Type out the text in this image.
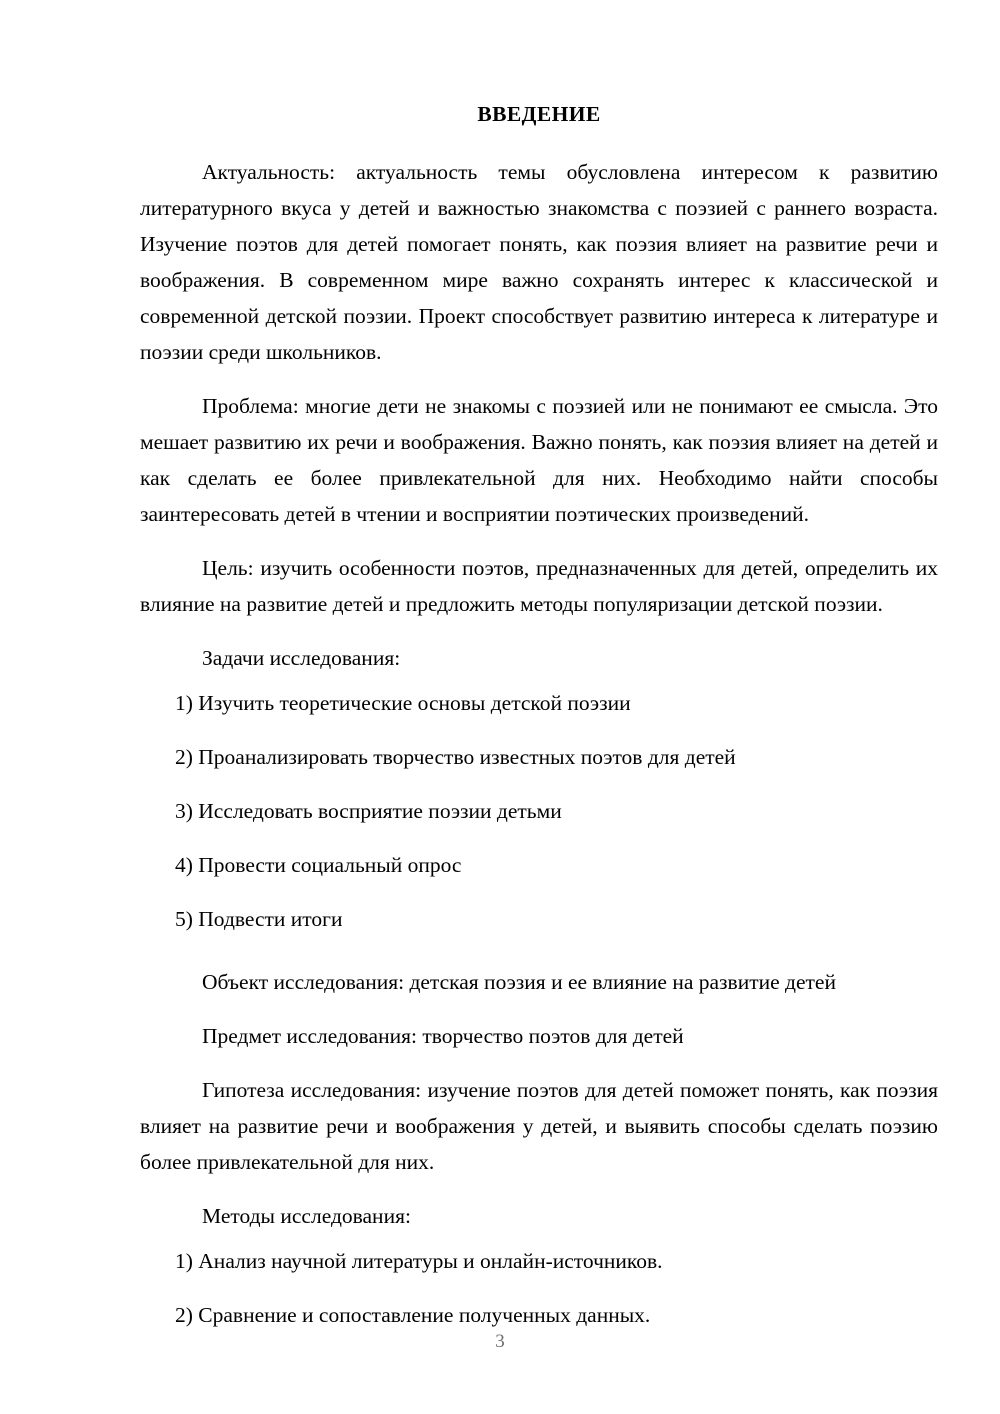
ВВЕДЕНИЕ

Актуальность: актуальность темы обусловлена интересом к развитию литературного вкуса у детей и важностью знакомства с поэзией с раннего возраста. Изучение поэтов для детей помогает понять, как поэзия влияет на развитие речи и воображения. В современном мире важно сохранять интерес к классической и современной детской поэзии. Проект способствует развитию интереса к литературе и поэзии среди школьников.

Проблема: многие дети не знакомы с поэзией или не понимают ее смысла. Это мешает развитию их речи и воображения. Важно понять, как поэзия влияет на детей и как сделать ее более привлекательной для них. Необходимо найти способы заинтересовать детей в чтении и восприятии поэтических произведений.

Цель: изучить особенности поэтов, предназначенных для детей, определить их влияние на развитие детей и предложить методы популяризации детской поэзии.

Задачи исследования:

1) Изучить теоретические основы детской поэзии
2) Проанализировать творчество известных поэтов для детей
3) Исследовать восприятие поэзии детьми
4) Провести социальный опрос
5) Подвести итоги

Объект исследования: детская поэзия и ее влияние на развитие детей

Предмет исследования: творчество поэтов для детей

Гипотеза исследования: изучение поэтов для детей поможет понять, как поэзия влияет на развитие речи и воображения у детей, и выявить способы сделать поэзию более привлекательной для них.

Методы исследования:

1) Анализ научной литературы и онлайн-источников.
2) Сравнение и сопоставление полученных данных.
3
